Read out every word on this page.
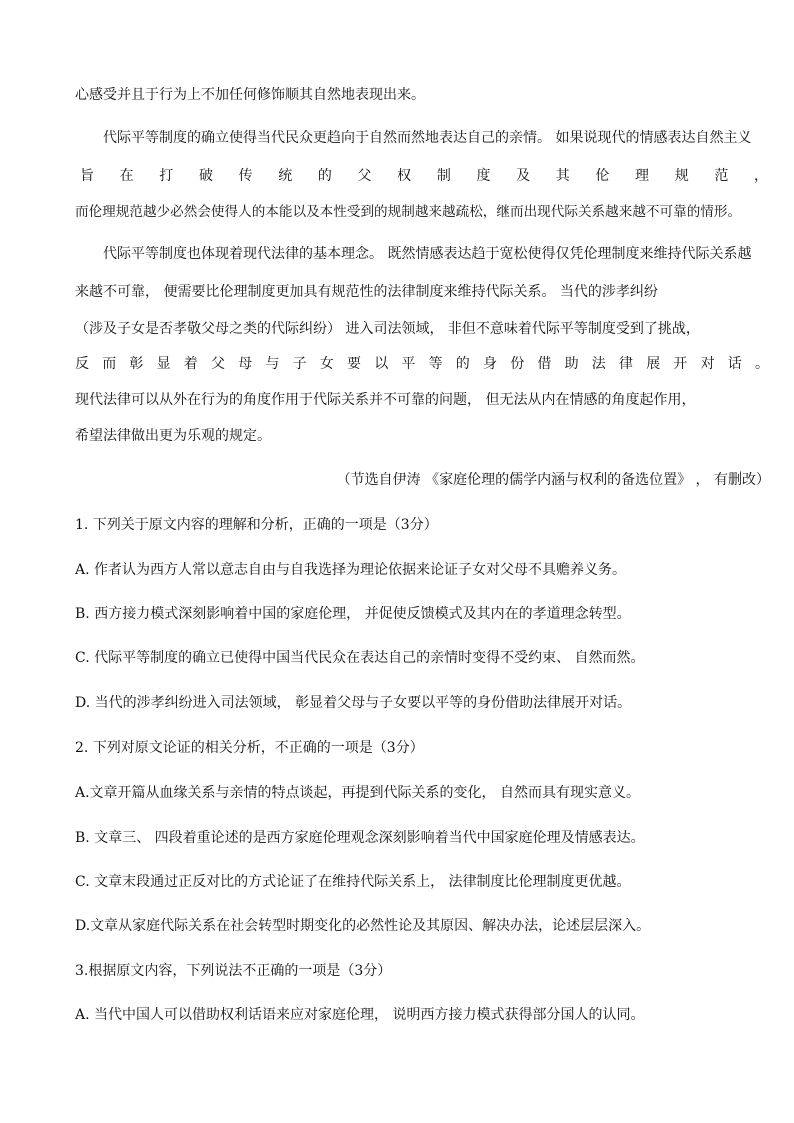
心感受并且于行为上不加任何修饰顺其自然地表现出来。
代际平等制度的确立使得当代民众更趋向于自然而然地表达自己的亲情。 如果说现代的情感表达自然主义
旨在打破传统的父权制度及其伦理规范，
而伦理规范越少必然会使得人的本能以及本性受到的规制越来越疏松，继而出现代际关系越来越不可靠的情形。
代际平等制度也体现着现代法律的基本理念。 既然情感表达趋于宽松使得仅凭伦理制度来维持代际关系越
来越不可靠， 便需要比伦理制度更加具有规范性的法律制度来维持代际关系。 当代的涉孝纠纷
（涉及子女是否孝敬父母之类的代际纠纷） 进入司法领域， 非但不意味着代际平等制度受到了挑战，
反而彰显着父母与子女要以平等的身份借助法律展开对话。
现代法律可以从外在行为的角度作用于代际关系并不可靠的问题， 但无法从内在情感的角度起作用，
希望法律做出更为乐观的规定。
（节选自伊涛 《家庭伦理的儒学内涵与权利的备选位置》 ， 有删改）
1. 下列关于原文内容的理解和分析，正确的一项是（3分）
A. 作者认为西方人常以意志自由与自我选择为理论依据来论证子女对父母不具赡养义务。
B. 西方接力模式深刻影响着中国的家庭伦理， 并促使反馈模式及其内在的孝道理念转型。
C. 代际平等制度的确立已使得中国当代民众在表达自己的亲情时变得不受约束、 自然而然。
D. 当代的涉孝纠纷进入司法领域， 彰显着父母与子女要以平等的身份借助法律展开对话。
2. 下列对原文论证的相关分析，不正确的一项是（3分）
A.文章开篇从血缘关系与亲情的特点谈起，再提到代际关系的变化， 自然而具有现实意义。
B. 文章三、 四段着重论述的是西方家庭伦理观念深刻影响着当代中国家庭伦理及情感表达。
C. 文章末段通过正反对比的方式论证了在维持代际关系上， 法律制度比伦理制度更优越。
D.文章从家庭代际关系在社会转型时期变化的必然性论及其原因、解决办法，论述层层深入。
3.根据原文内容，下列说法不正确的一项是（3分）
A. 当代中国人可以借助权利话语来应对家庭伦理， 说明西方接力模式获得部分国人的认同。
